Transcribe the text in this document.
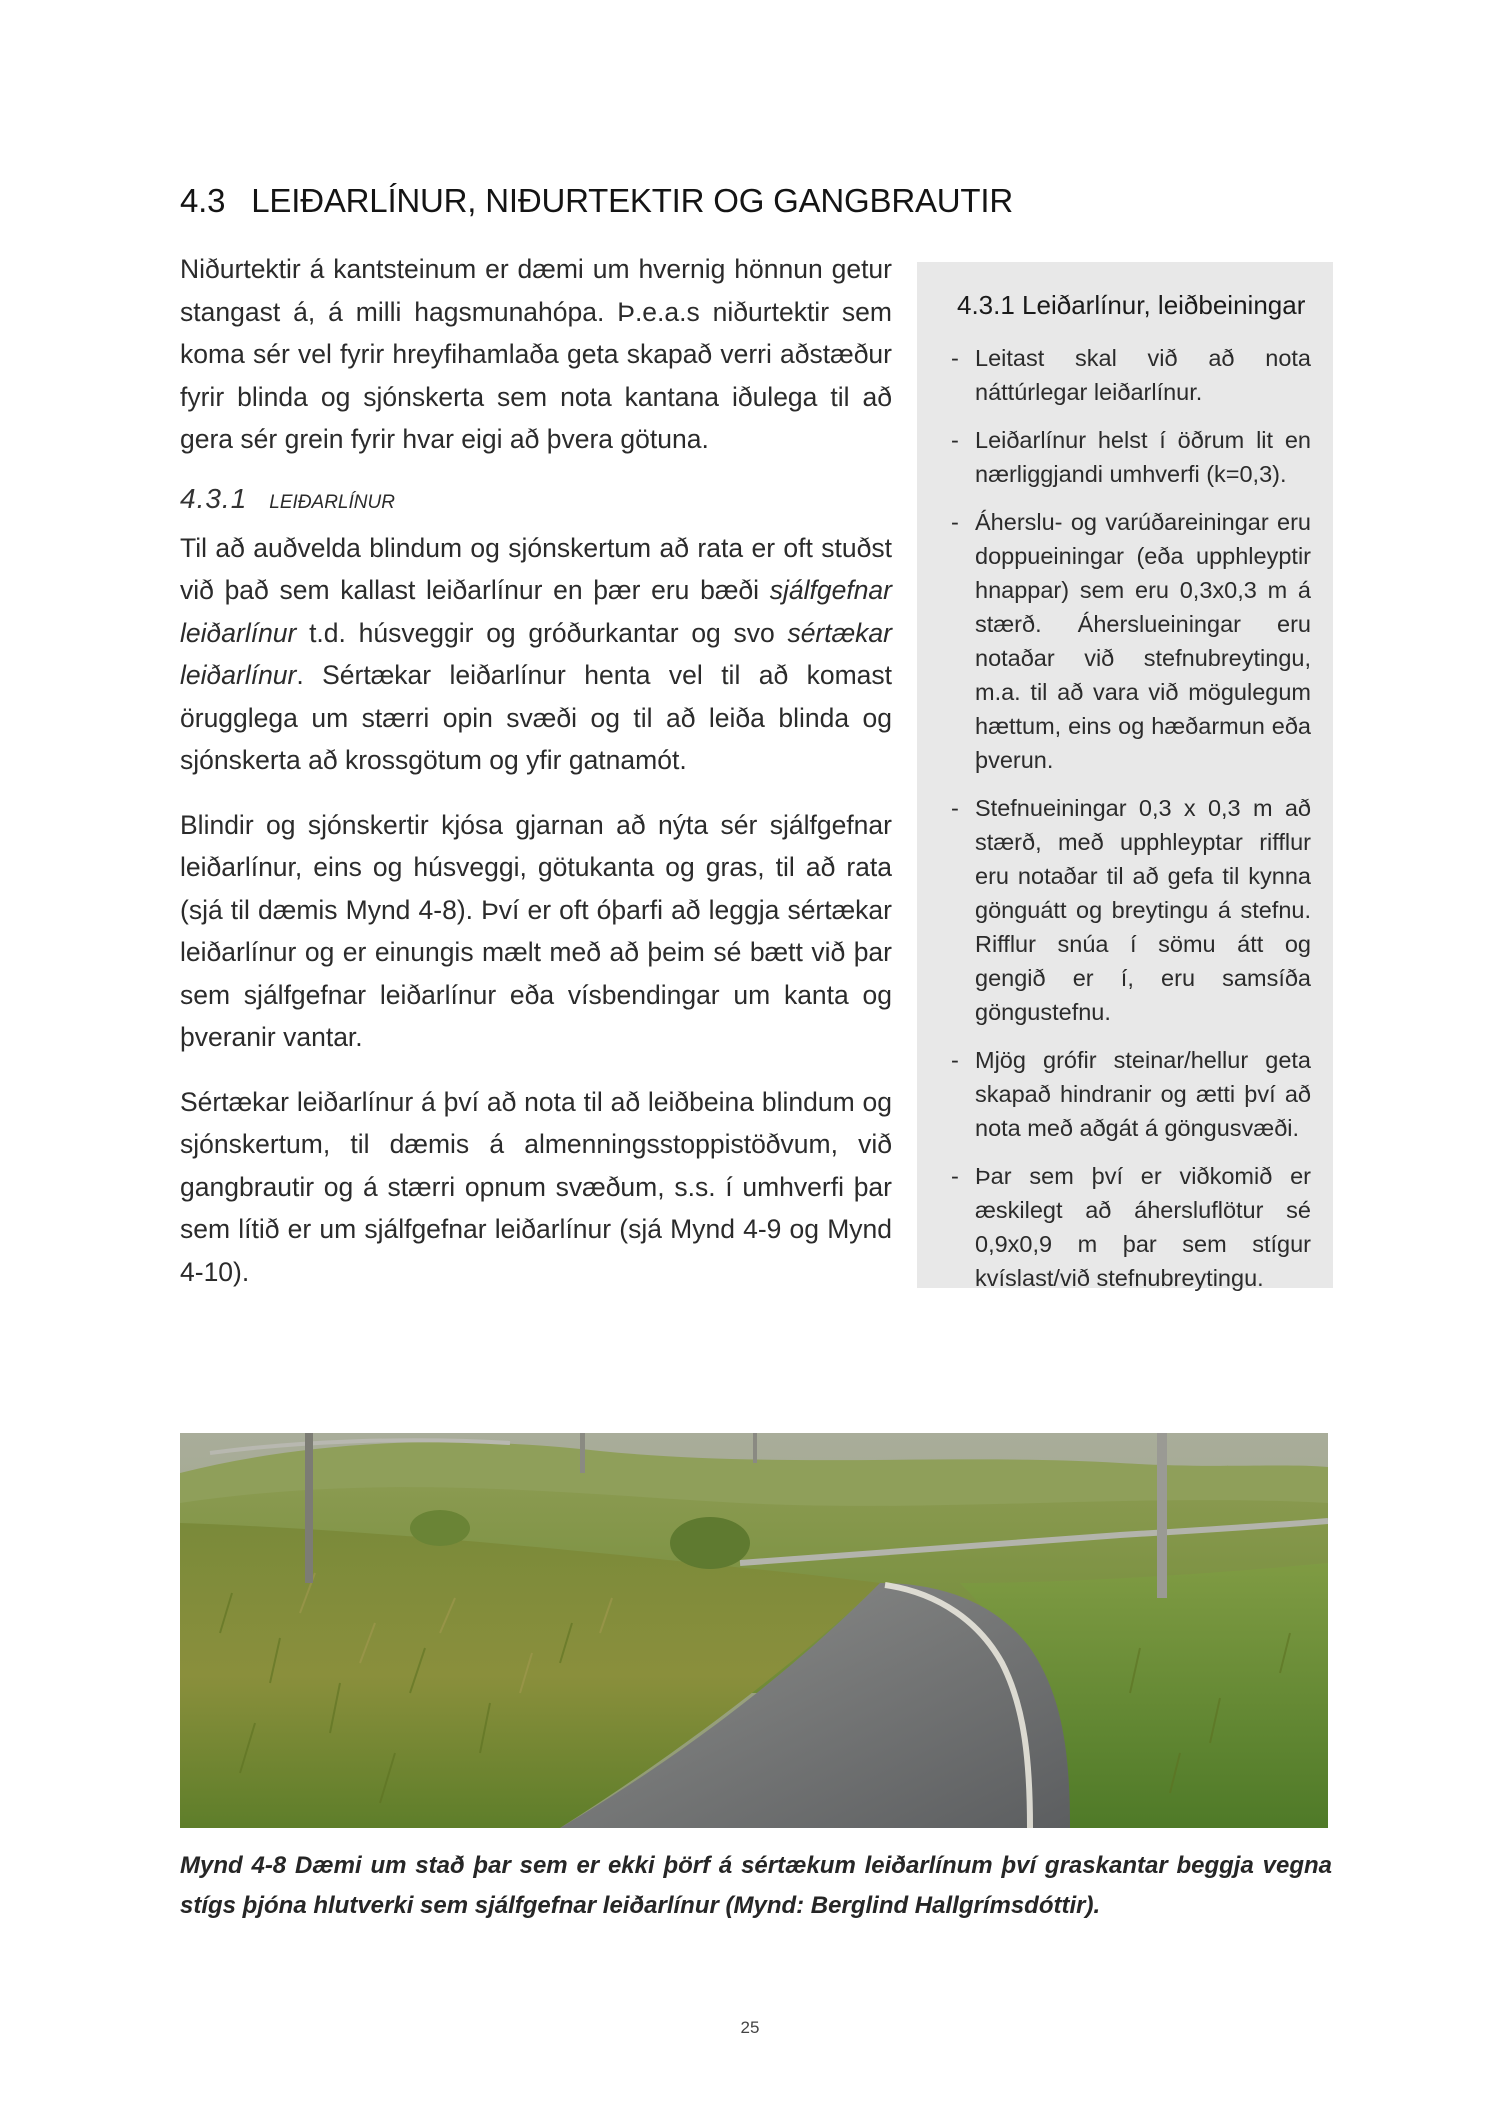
4.3 LEIÐARLÍNUR, NIÐURTEKTIR OG GANGBRAUTIR

Niðurtektir á kantsteinum er dæmi um hvernig hönnun getur stangast á, á milli hagsmunahópa. Þ.e.a.s niðurtektir sem koma sér vel fyrir hreyfihamlaða geta skapað verri aðstæður fyrir blinda og sjónskerta sem nota kantana iðulega til að gera sér grein fyrir hvar eigi að þvera götuna.

4.3.1 LEIÐARLÍNUR

Til að auðvelda blindum og sjónskertum að rata er oft stuðst við það sem kallast leiðarlínur en þær eru bæði sjálfgefnar leiðarlínur t.d. húsveggir og gróðurkantar og svo sértækar leiðarlínur. Sértækar leiðarlínur henta vel til að komast örugglega um stærri opin svæði og til að leiða blinda og sjónskerta að krossgötum og yfir gatnamót.

Blindir og sjónskertir kjósa gjarnan að nýta sér sjálfgefnar leiðarlínur, eins og húsveggi, götukanta og gras, til að rata (sjá til dæmis Mynd 4-8). Því er oft óþarfi að leggja sértækar leiðarlínur og er einungis mælt með að þeim sé bætt við þar sem sjálfgefnar leiðarlínur eða vísbendingar um kanta og þveranir vantar.

Sértækar leiðarlínur á því að nota til að leiðbeina blindum og sjónskertum, til dæmis á almenningsstoppistöðvum, við gangbrautir og á stærri opnum svæðum, s.s. í umhverfi þar sem lítið er um sjálfgefnar leiðarlínur (sjá Mynd 4-9 og Mynd 4-10).

4.3.1 Leiðarlínur, leiðbeiningar
- Leitast skal við að nota náttúrlegar leiðarlínur.
- Leiðarlínur helst í öðrum lit en nærliggjandi umhverfi (k=0,3).
- Áherslu- og varúðareiningar eru doppueiningar (eða upphleyptir hnappar) sem eru 0,3x0,3 m á stærð. Áherslueiningar eru notaðar við stefnubreytingu, m.a. til að vara við mögulegum hættum, eins og hæðarmun eða þverun.
- Stefnueiningar 0,3 x 0,3 m að stærð, með upphleyptar rifflur eru notaðar til að gefa til kynna gönguátt og breytingu á stefnu. Rifflur snúa í sömu átt og gengið er í, eru samsíða göngustefnu.
- Mjög grófir steinar/hellur geta skapað hindranir og ætti því að nota með aðgát á göngusvæði.
- Þar sem því er viðkomið er æskilegt að áhersluflötur sé 0,9x0,9 m þar sem stígur kvíslast/við stefnubreytingu.

Mynd 4-8 Dæmi um stað þar sem er ekki þörf á sértækum leiðarlínum því graskantar beggja vegna stígs þjóna hlutverki sem sjálfgefnar leiðarlínur (Mynd: Berglind Hallgrímsdóttir).

25
